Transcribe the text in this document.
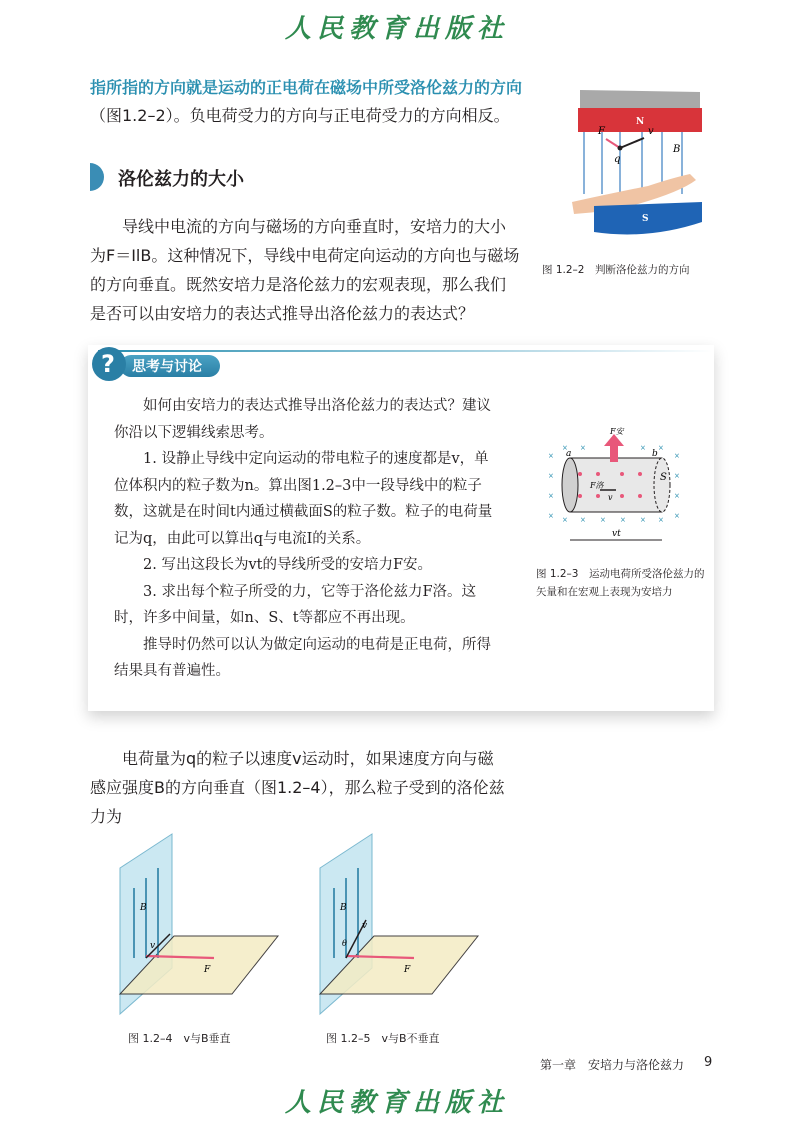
人民教育出版社
指所指的方向就是运动的正电荷在磁场中所受洛伦兹力的方向（图1.2–2）。负电荷受力的方向与正电荷受力的方向相反。
洛伦兹力的大小
导线中电流的方向与磁场的方向垂直时，安培力的大小为F＝IlB。这种情况下，导线中电荷定向运动的方向也与磁场的方向垂直。既然安培力是洛伦兹力的宏观表现，那么我们是否可以由安培力的表达式推导出洛伦兹力的表达式？
N
F	v
q
B
S
图 1.2–2　判断洛伦兹力的方向
? 思考与讨论

如何由安培力的表达式推导出洛伦兹力的表达式？建议你沿以下逻辑线索思考。

1. 设静止导线中定向运动的带电粒子的速度都是v，单位体积内的粒子数为n。算出图1.2–3中一段导线中的粒子数，这就是在时间t内通过横截面S的粒子数。粒子的电荷量记为q，由此可以算出q与电流I的关系。

2. 写出这段长为vt的导线所受的安培力F安。

3. 求出每个粒子所受的力，它等于洛伦兹力F洛。这时，许多中间量，如n、S、t等都应不再出现。

推导时仍然可以认为做定向运动的电荷是正电荷，所得结果具有普遍性。

×
×
×
×
×
×
×
×
× ×	× ×
× × × × × ×
F安
a	b
S
F洛
v
vt
图 1.2–3　运动电荷所受洛伦兹力的矢量和在宏观上表现为安培力
电荷量为q的粒子以速度v运动时，如果速度方向与磁感应强度B的方向垂直（图1.2–4），那么粒子受到的洛伦兹力为
B
v
F
图 1.2–4　v与B垂直
B
v
θ
F
图 1.2–5　v与B不垂直
第一章　安培力与洛伦兹力 9
人民教育出版社
